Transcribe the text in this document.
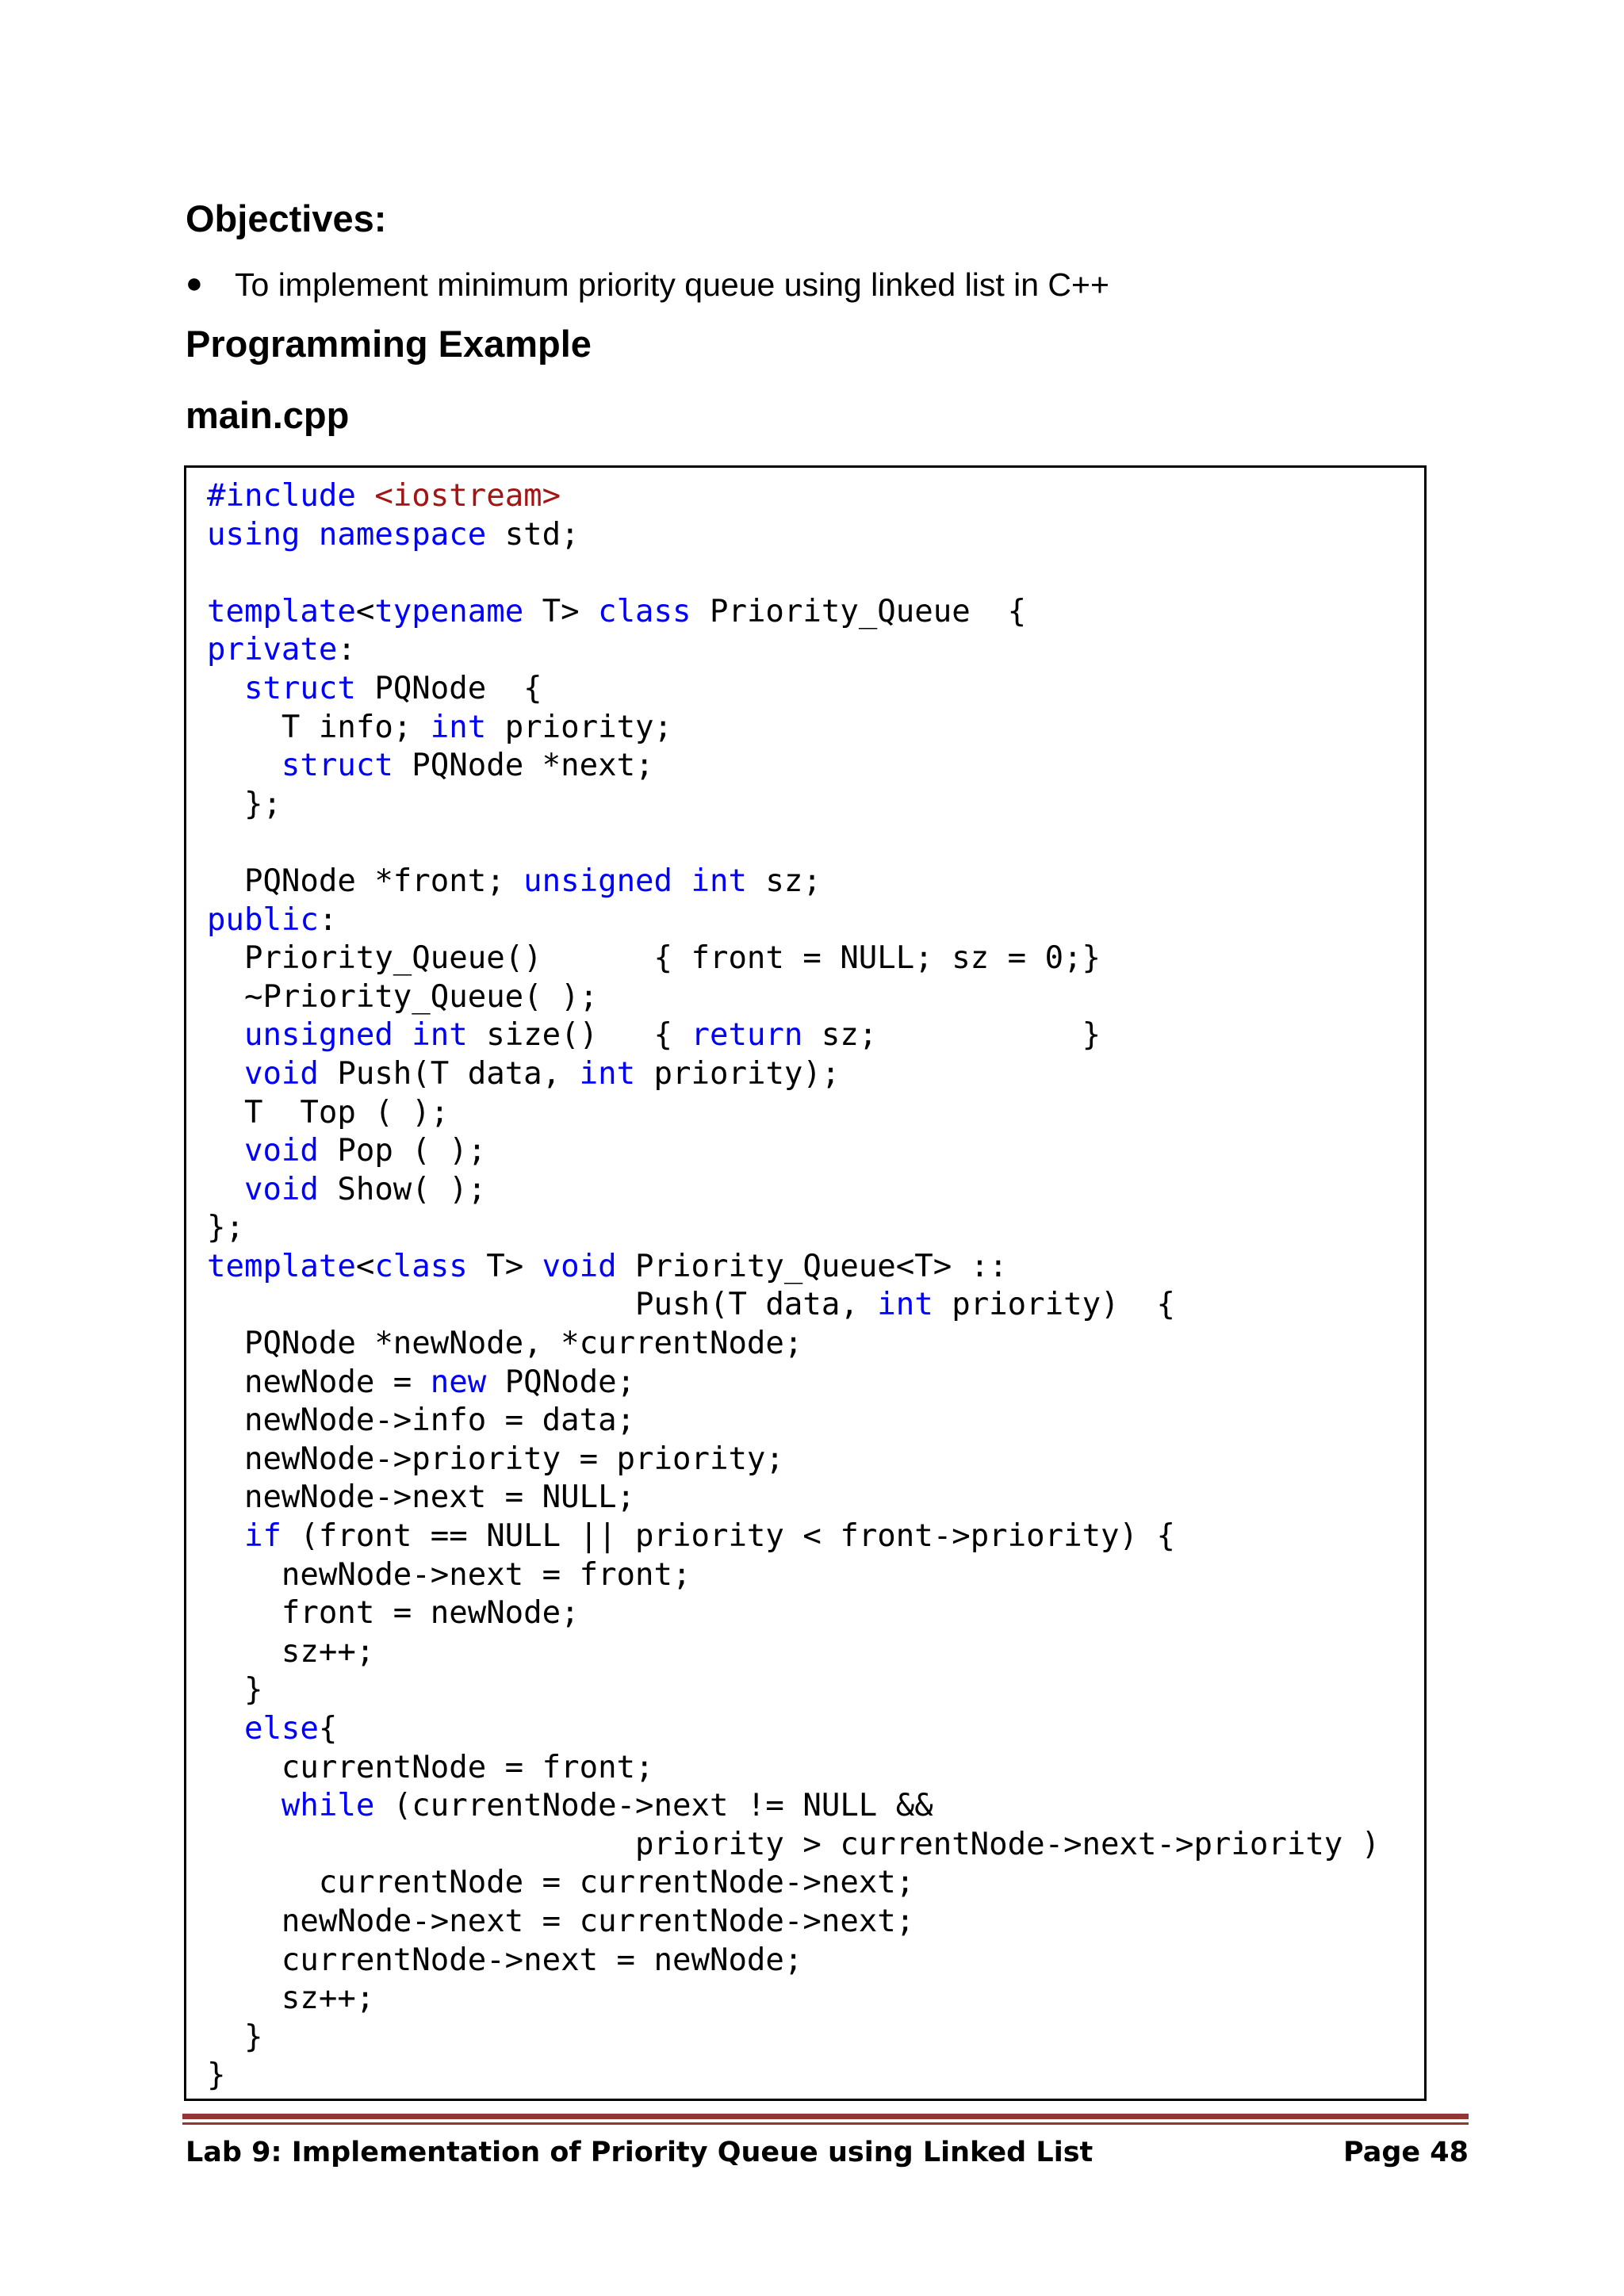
Objectives:
● To implement minimum priority queue using linked list in C++
Programming Example
main.cpp
#include <iostream>
using namespace std;

template<typename T> class Priority_Queue  {
private:
struct PQNode  {
T info; int priority;
struct PQNode *next;
};

PQNode *front; unsigned int sz;
public:
Priority_Queue()      { front = NULL; sz = 0;}
~Priority_Queue( );
unsigned int size()   { return sz;           }
void Push(T data, int priority);
T  Top ( );
void Pop ( );
void Show( );
};
template<class T> void Priority_Queue<T> ::
Push(T data, int priority)  {
PQNode *newNode, *currentNode;
newNode = new PQNode;
newNode->info = data;
newNode->priority = priority;
newNode->next = NULL;
if (front == NULL || priority < front->priority) {
newNode->next = front;
front = newNode;
sz++;
}
else{
currentNode = front;
while (currentNode->next != NULL &&
priority > currentNode->next->priority )
currentNode = currentNode->next;
newNode->next = currentNode->next;
currentNode->next = newNode;
sz++;
}
}
Lab 9: Implementation of Priority Queue using Linked List	Page 48
